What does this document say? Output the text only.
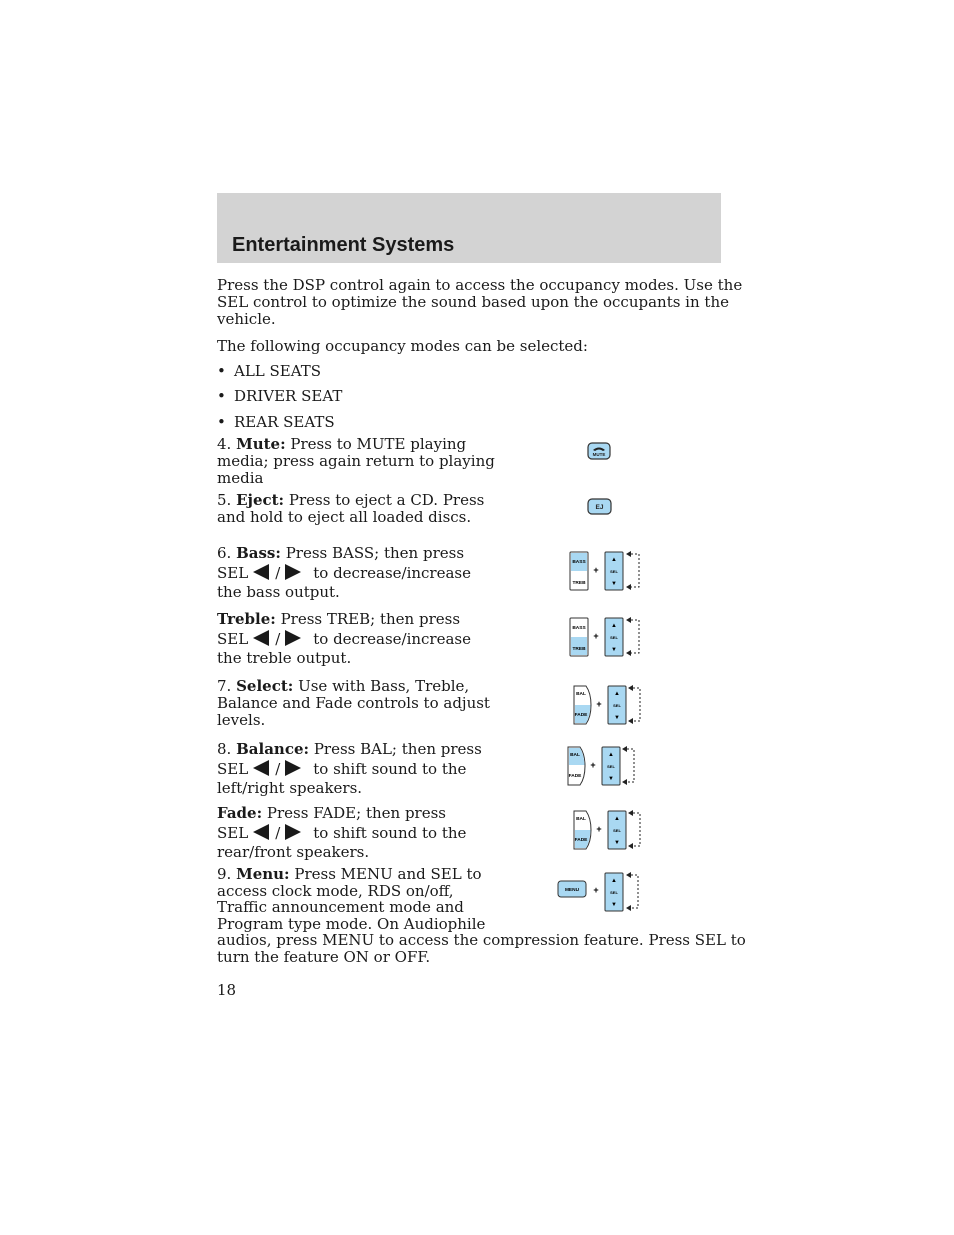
Entertainment Systems

Press the DSP control again to access the occupancy modes. Use the
SEL control to optimize the sound based upon the occupants in the
vehicle.

The following occupancy modes can be selected:

• ALL SEATS
• DRIVER SEAT
• REAR SEATS

4. Mute: Press to MUTE playing
media; press again return to playing
media

MUTE

5. Eject: Press to eject a CD. Press
and hold to eject all loaded discs.

EJ

6. Bass: Press BASS; then press
SEL / to decrease/increase
the bass output.

BASS
TREB
+
▲
SEL
▼

Treble: Press TREB; then press
SEL / to decrease/increase
the treble output.

BASS
TREB
+
▲
SEL
▼

7. Select: Use with Bass, Treble,
Balance and Fade controls to adjust
levels.

BAL
FADE
+
▲
SEL
▼

8. Balance: Press BAL; then press
SEL / to shift sound to the
left/right speakers.

BAL
FADE
+
▲
SEL
▼

Fade: Press FADE; then press
SEL / to shift sound to the
rear/front speakers.

BAL
FADE
+
▲
SEL
▼

9. Menu: Press MENU and SEL to
access clock mode, RDS on/off,
Traffic announcement mode and
Program type mode. On Audiophile
audios, press MENU to access the compression feature. Press SEL to
turn the feature ON or OFF.

MENU +
▲
SEL
▼
18
